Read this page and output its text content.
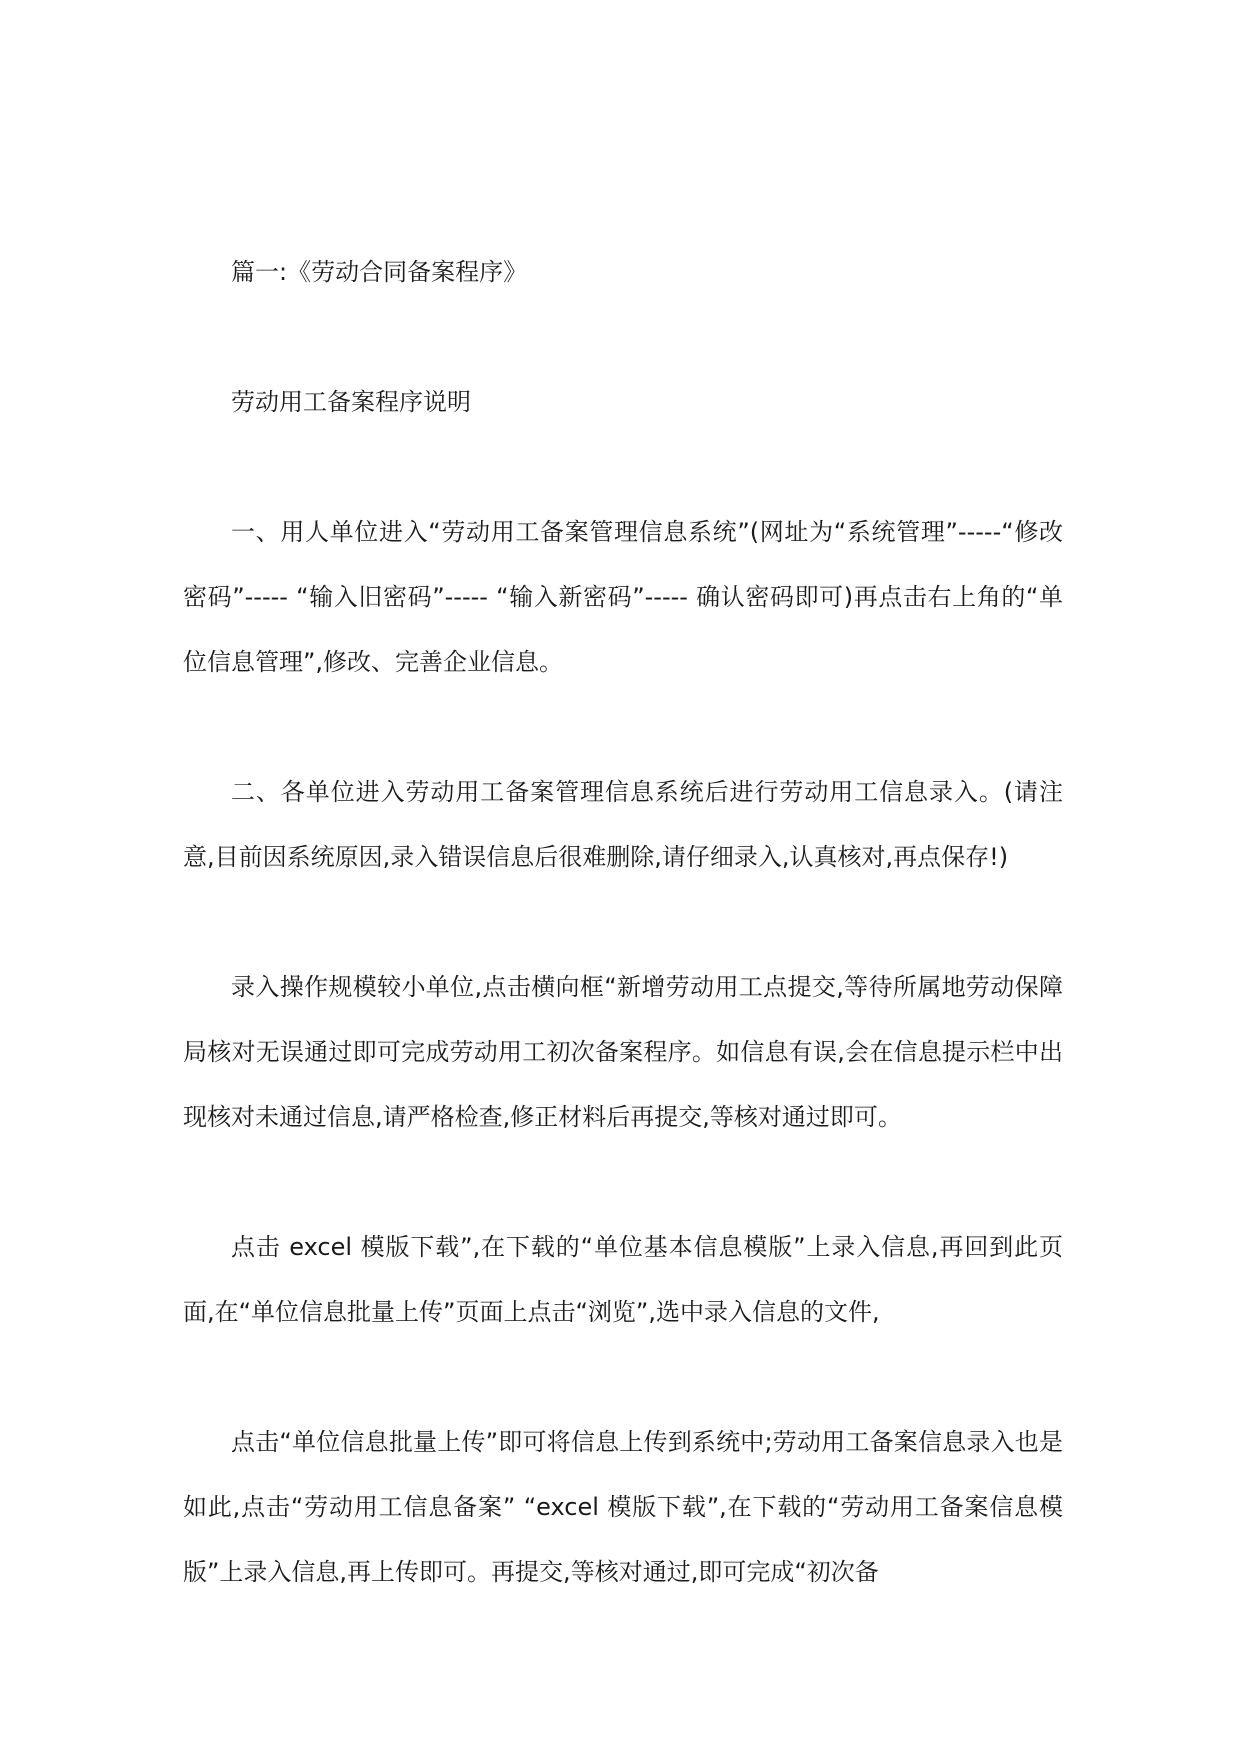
篇一:《劳动合同备案程序》

劳动用工备案程序说明

一、用人单位进入“劳动用工备案管理信息系统”(网址为“系统管理”-----“修改密码”----- “输入旧密码”----- “输入新密码”----- 确认密码即可)再点击右上角的“单位信息管理”,修改、完善企业信息。

二、各单位进入劳动用工备案管理信息系统后进行劳动用工信息录入。(请注意,目前因系统原因,录入错误信息后很难删除,请仔细录入,认真核对,再点保存!)

录入操作规模较小单位,点击横向框“新增劳动用工点提交,等待所属地劳动保障局核对无误通过即可完成劳动用工初次备案程序。如信息有误,会在信息提示栏中出现核对未通过信息,请严格检查,修正材料后再提交,等核对通过即可。

点击 excel 模版下载”,在下载的“单位基本信息模版”上录入信息,再回到此页面,在“单位信息批量上传”页面上点击“浏览”,选中录入信息的文件,

点击“单位信息批量上传”即可将信息上传到系统中;劳动用工备案信息录入也是如此,点击“劳动用工信息备案” “excel 模版下载”,在下载的“劳动用工备案信息模版”上录入信息,再上传即可。再提交,等核对通过,即可完成“初次备
